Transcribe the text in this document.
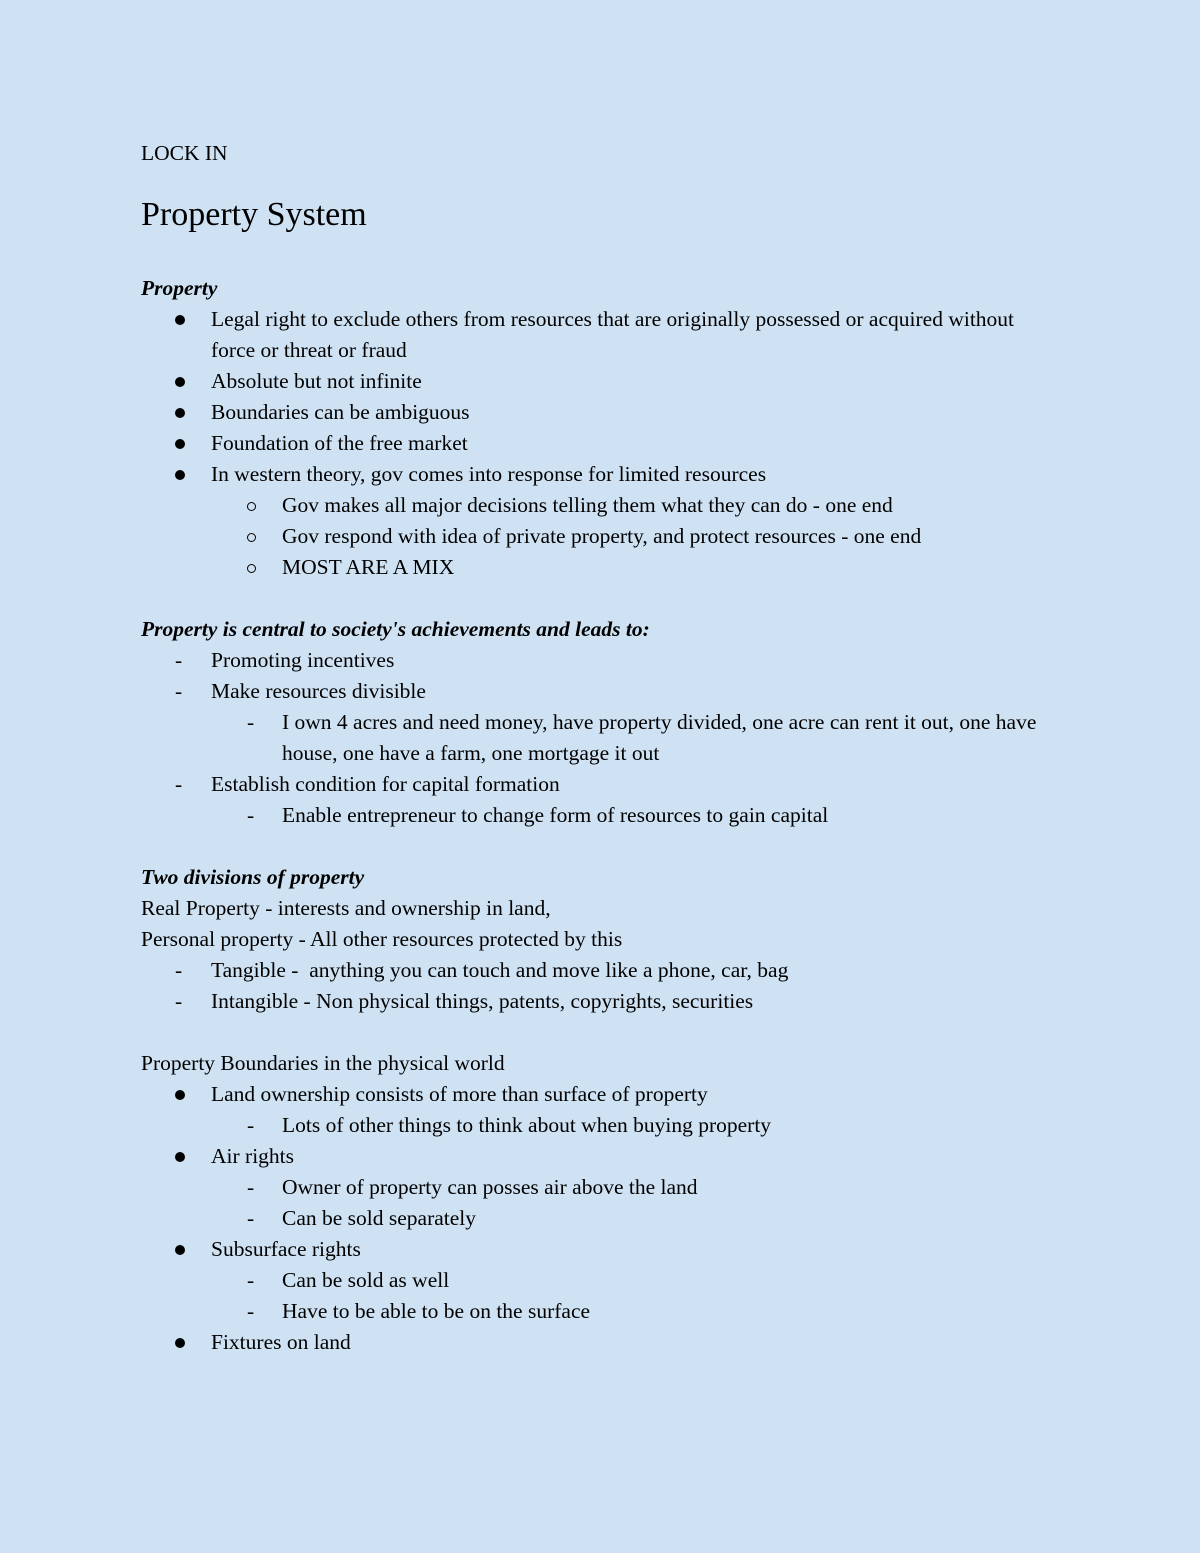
LOCK IN

Property System

Property

Legal right to exclude others from resources that are originally possessed or acquired without force or threat or fraud
Absolute but not infinite
Boundaries can be ambiguous
Foundation of the free market
In western theory, gov comes into response for limited resources
Gov makes all major decisions telling them what they can do - one end
Gov respond with idea of private property, and protect resources - one end
MOST ARE A MIX

Property is central to society's achievements and leads to:

- Promoting incentives
- Make resources divisible
- I own 4 acres and need money, have property divided, one acre can rent it out, one have house, one have a farm, one mortgage it out
- Establish condition for capital formation
- Enable entrepreneur to change form of resources to gain capital

Two divisions of property

Real Property - interests and ownership in land,

Personal property - All other resources protected by this

- Tangible -  anything you can touch and move like a phone, car, bag
- Intangible - Non physical things, patents, copyrights, securities

Property Boundaries in the physical world

Land ownership consists of more than surface of property
- Lots of other things to think about when buying property
Air rights
- Owner of property can posses air above the land
- Can be sold separately
Subsurface rights
- Can be sold as well
- Have to be able to be on the surface
Fixtures on land
